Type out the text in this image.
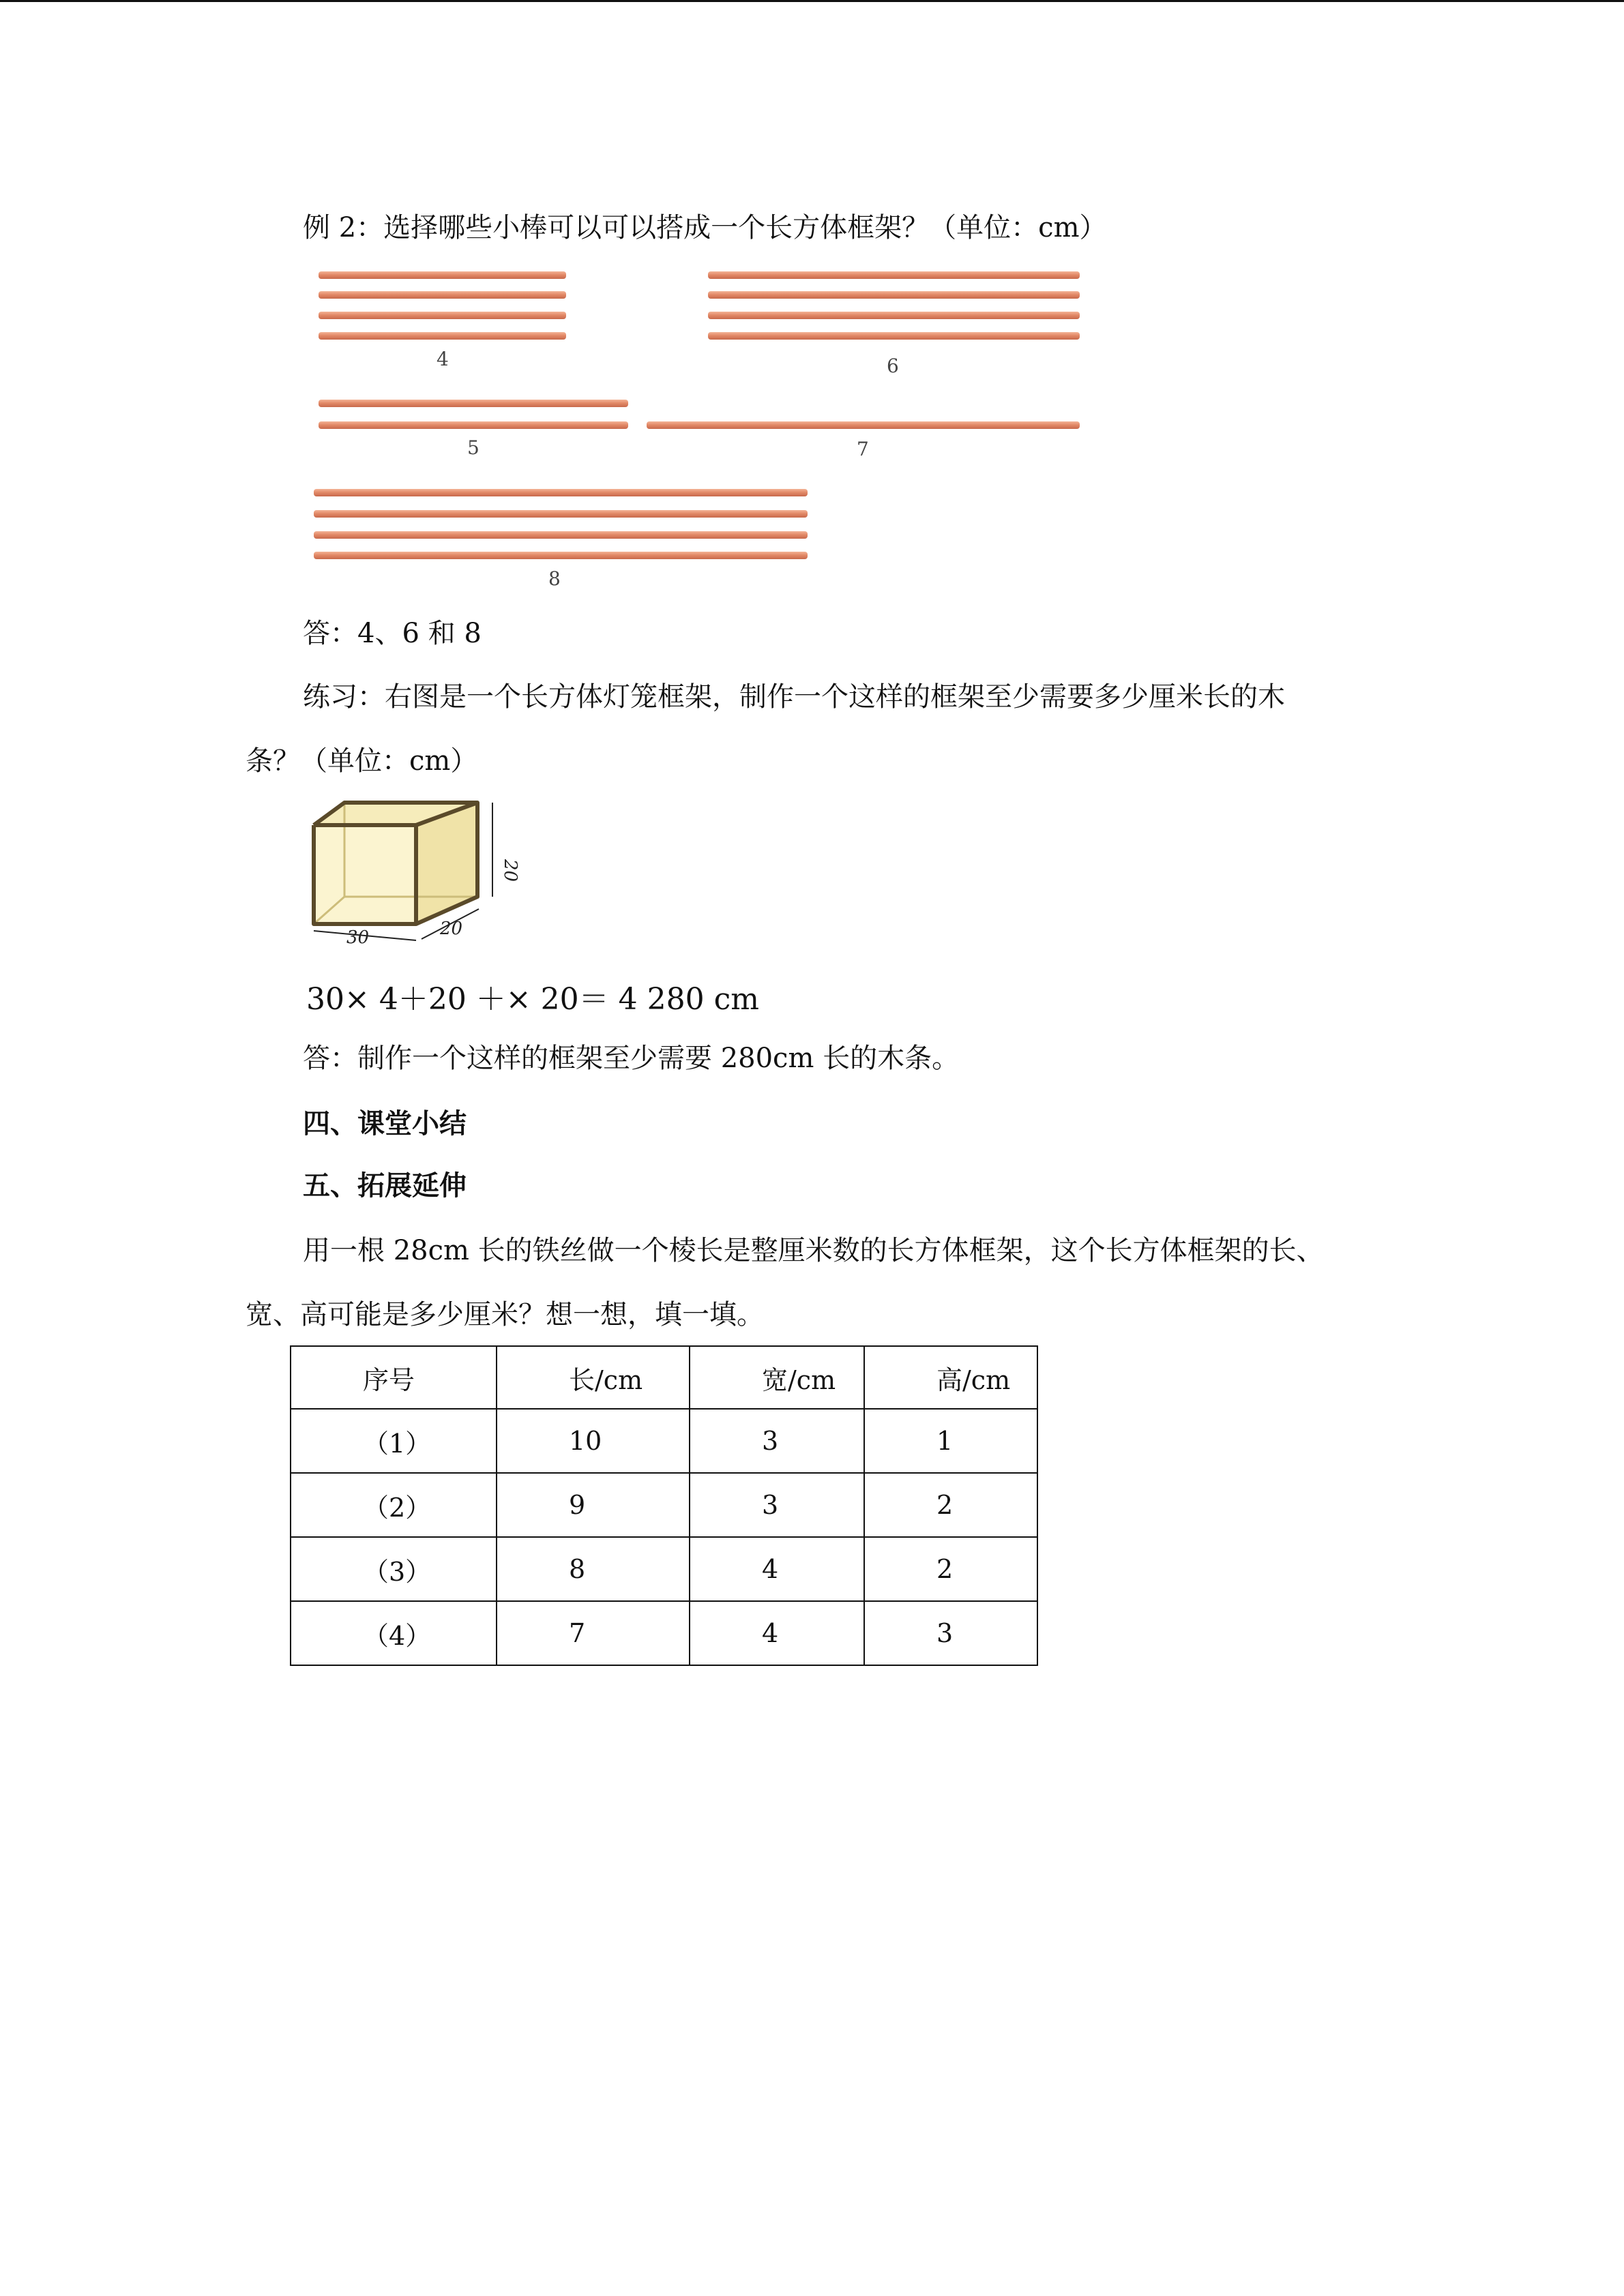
例 2：选择哪些小棒可以可以搭成一个长方体框架？（单位：cm）
4	6
5	7
8
答：4、6 和 8
练习：右图是一个长方体灯笼框架，制作一个这样的框架至少需要多少厘米长的木
条？（单位：cm）
30	20
20
30× 4＋20 ＋× 20＝ 4 280 cm
答：制作一个这样的框架至少需要 280cm 长的木条。
四、课堂小结
五、拓展延伸
用一根 28cm 长的铁丝做一个棱长是整厘米数的长方体框架，这个长方体框架的长、
宽、高可能是多少厘米？想一想，填一填。
序号	长/cm	宽/cm	高/cm
（1）	10	3	1
（2）	9	3	2
（3）	8	4	2
（4）	7	4	3
